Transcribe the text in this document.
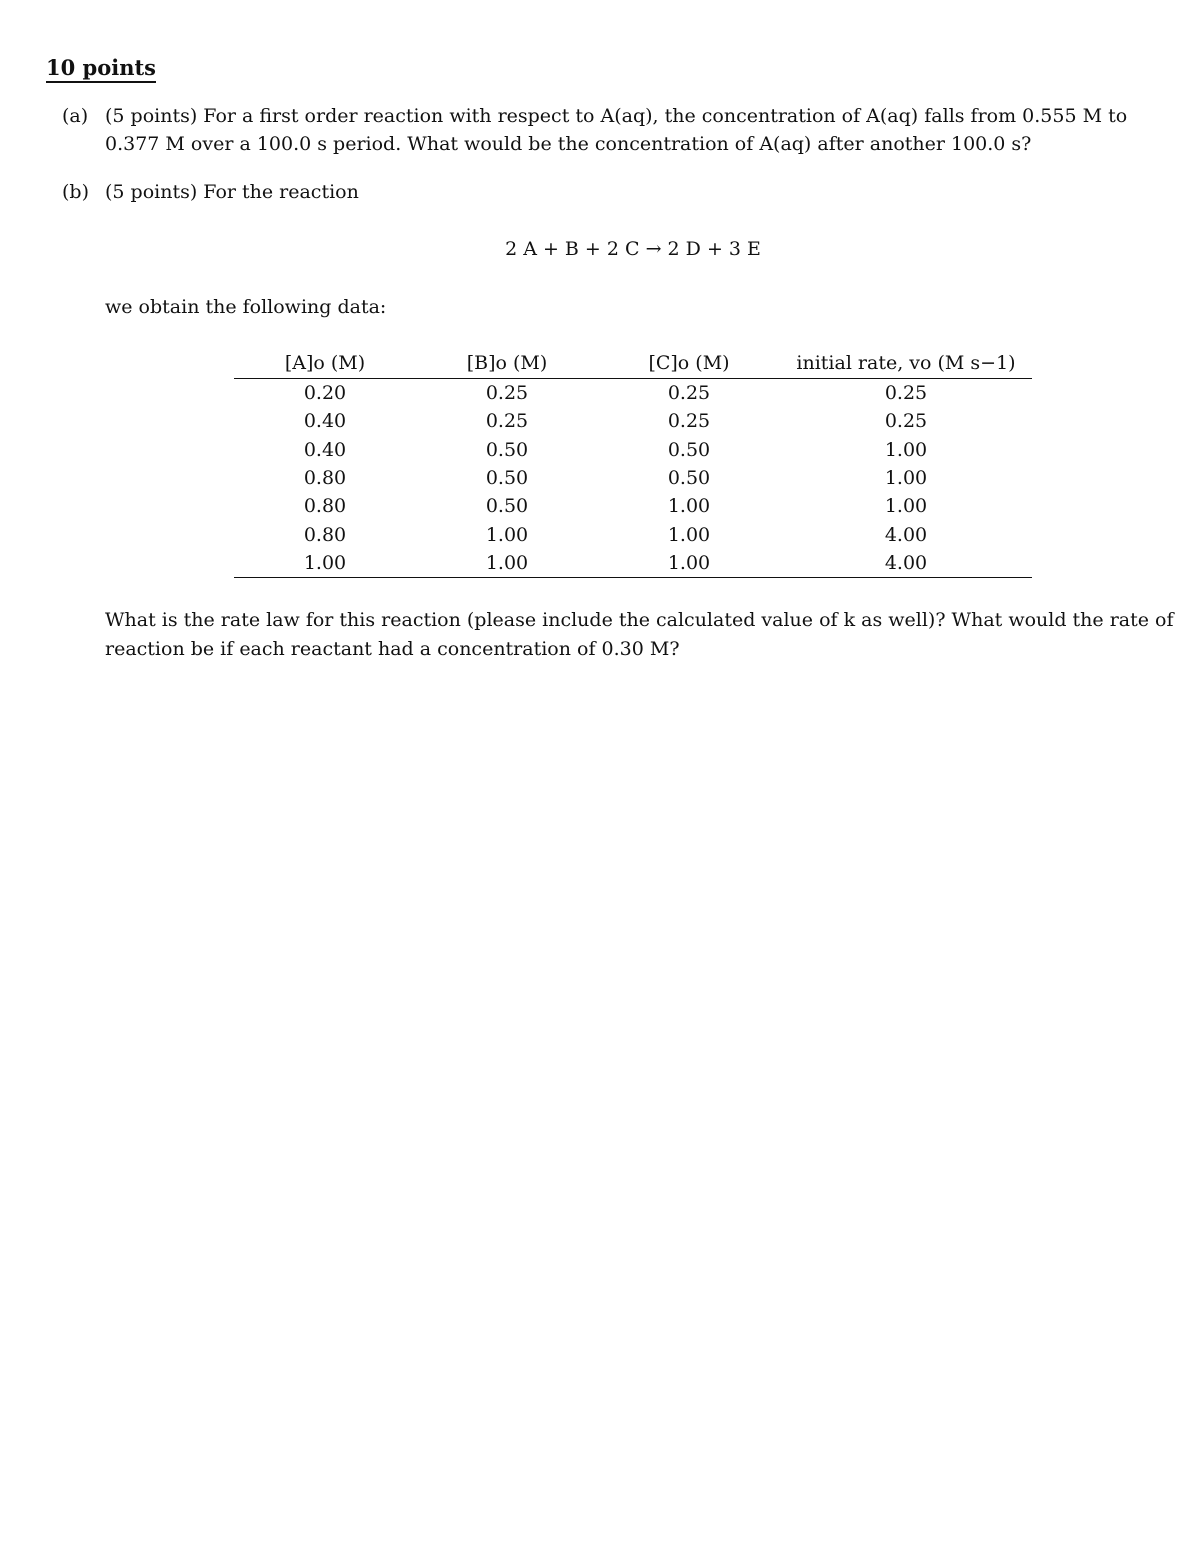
10 points
(a) (5 points) For a first order reaction with respect to A(aq), the concentration of A(aq) falls from 0.555 M to 0.377 M over a 100.0 s period. What would be the concentration of A(aq) after another 100.0 s?
(b) (5 points) For the reaction
2 A + B + 2 C → 2 D + 3 E
we obtain the following data:
[A]o (M)	[B]o (M)	[C]o (M)	initial rate, vo (M s−1)
0.20	0.25	0.25	0.25
0.40	0.25	0.25	0.25
0.40	0.50	0.50	1.00
0.80	0.50	0.50	1.00
0.80	0.50	1.00	1.00
0.80	1.00	1.00	4.00
1.00	1.00	1.00	4.00
What is the rate law for this reaction (please include the calculated value of k as well)? What would the rate of reaction be if each reactant had a concentration of 0.30 M?
